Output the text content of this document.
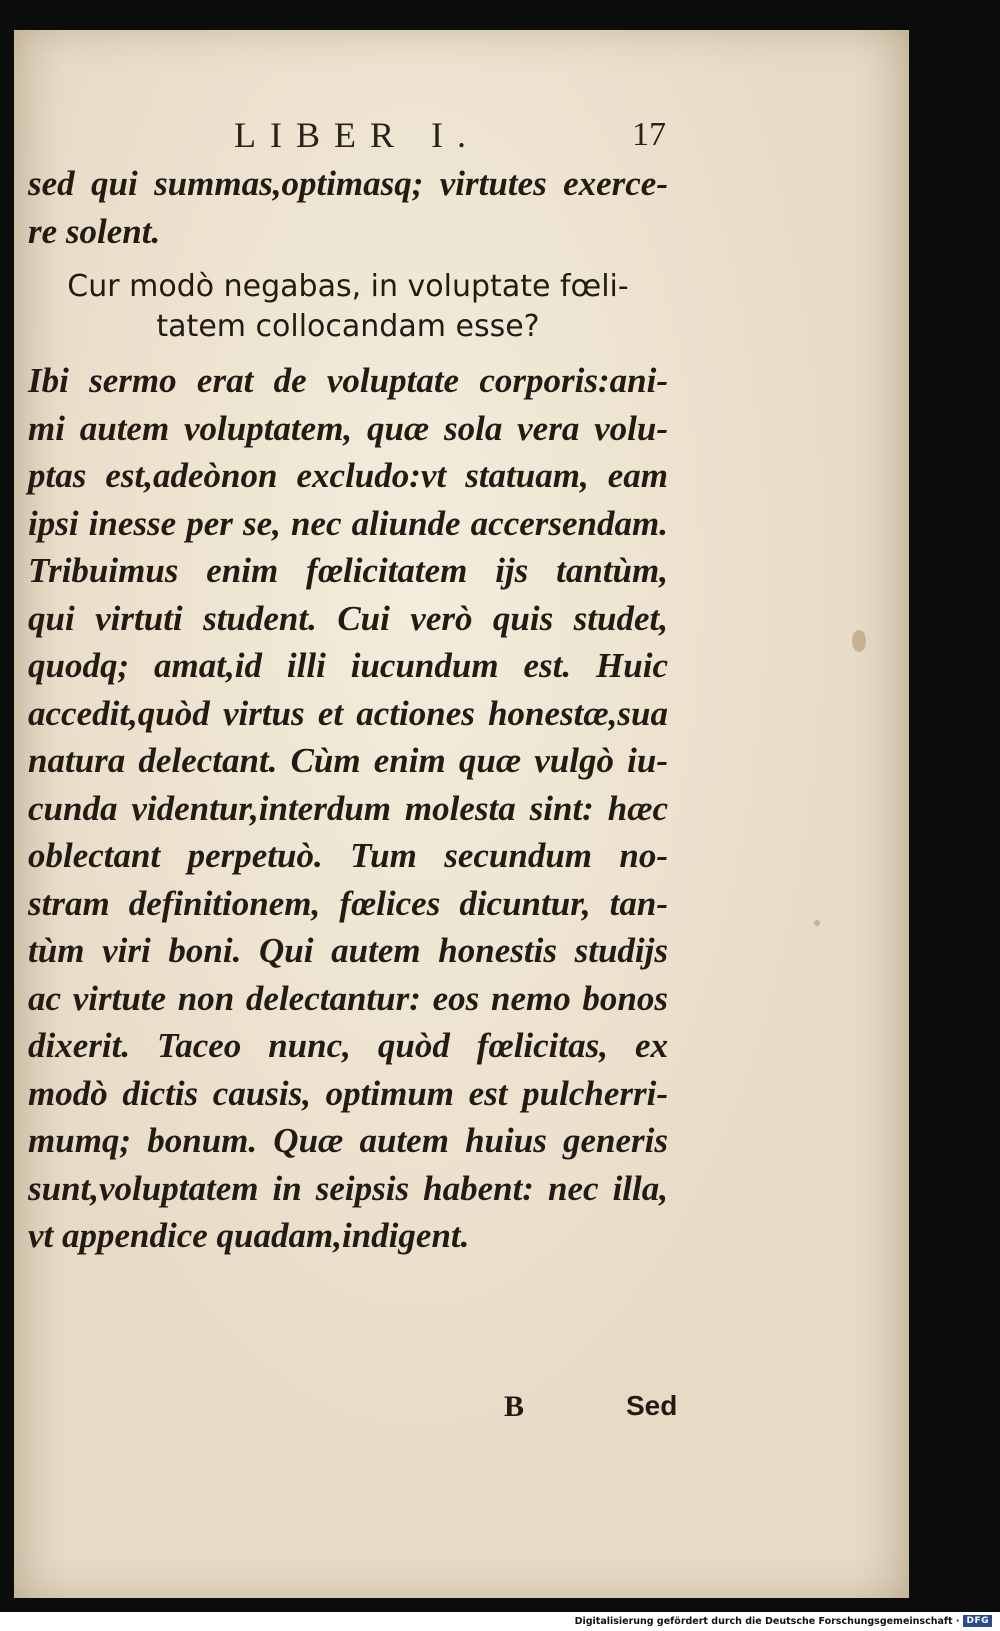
LIBER I.	17

sed qui summas,optimasq; virtutes exerce-
re solent.

Cur modò negabas, in voluptate fœli-
tatem collocandam esse?

Ibi sermo erat de voluptate corporis:ani-
mi autem voluptatem, quæ sola vera volu-
ptas est,adeònon excludo:vt statuam, eam
ipsi inesse per se, nec aliunde accersendam.
Tribuimus enim fœlicitatem ijs tantùm,
qui virtuti student. Cui verò quis studet,
quodq; amat,id illi iucundum est. Huic
accedit,quòd virtus et actiones honestæ,sua
natura delectant. Cùm enim quæ vulgò iu-
cunda videntur,interdum molesta sint: hæc
oblectant perpetuò. Tum secundum no-
stram definitionem, fœlices dicuntur, tan-
tùm viri boni. Qui autem honestis studijs
ac virtute non delectantur: eos nemo bonos
dixerit. Taceo nunc, quòd fœlicitas, ex
modò dictis causis, optimum est pulcherri-
mumq; bonum. Quæ autem huius generis
sunt,voluptatem in seipsis habent: nec illa,
vt appendice quadam,indigent.

B	Sed
Digitalisierung gefördert durch die Deutsche Forschungsgemeinschaft · DFG
